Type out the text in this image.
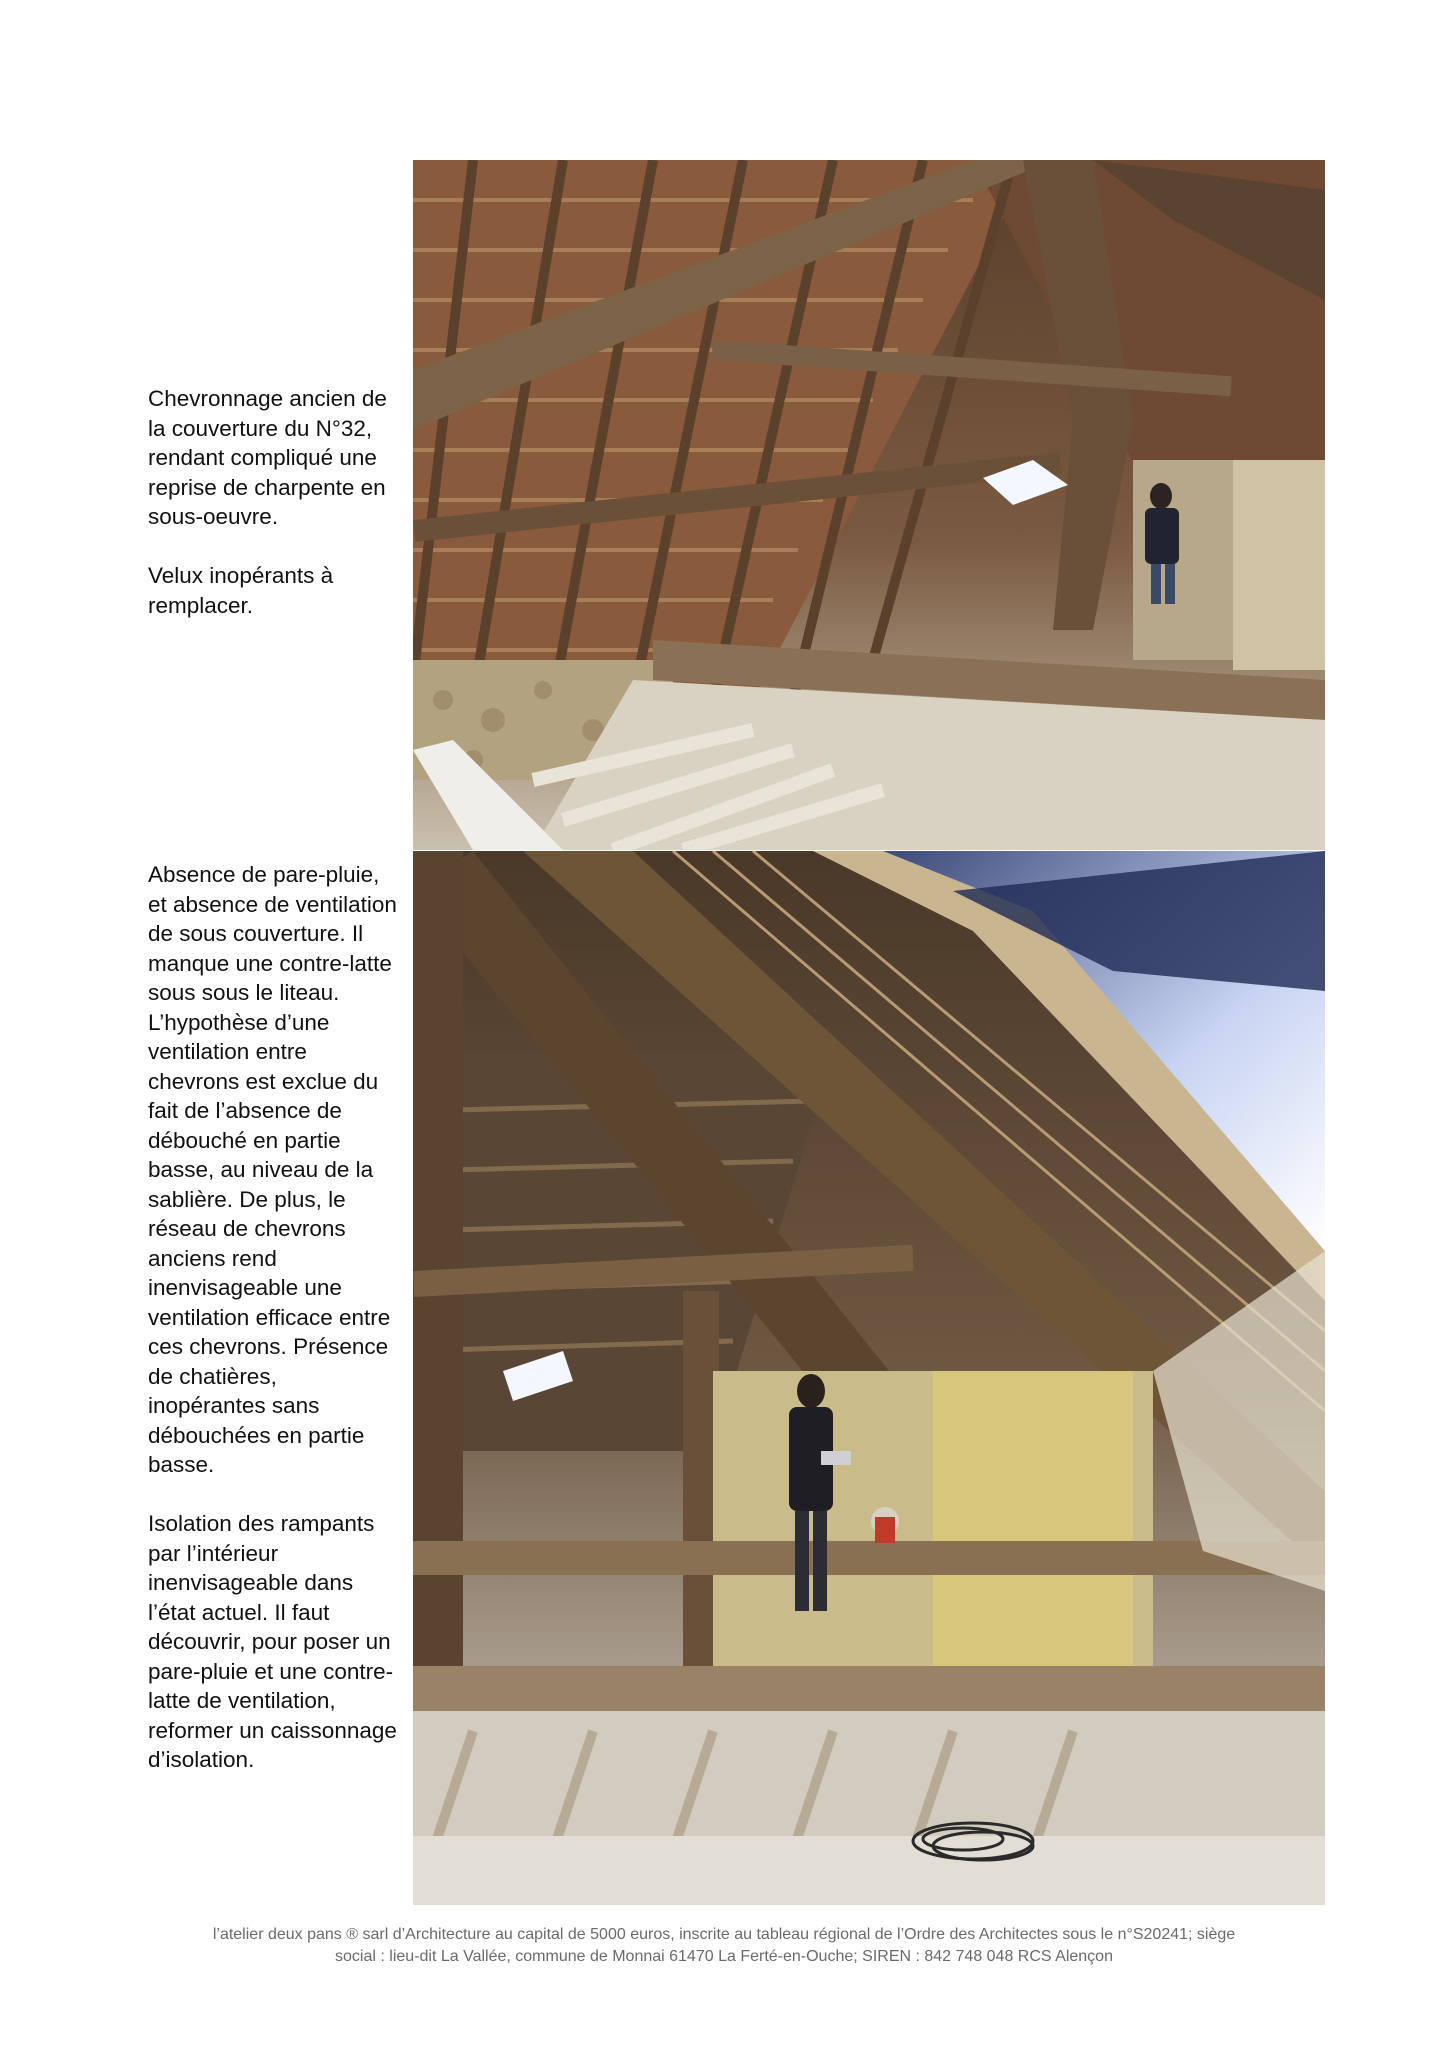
Chevronnage ancien de la couverture du N°32, rendant compliqué une reprise de charpente en sous-oeuvre.

Velux inopérants à remplacer.

Absence de pare-pluie, et absence de ventilation de sous couverture. Il manque une contre-latte sous sous le liteau. L’hypothèse d’une ventilation entre chevrons est exclue du fait de l’absence de débouché en partie basse, au niveau de la sablière. De plus, le réseau de chevrons anciens rend inenvisageable une ventilation efficace entre ces chevrons. Présence de chatières, inopérantes sans débouchées en partie basse.

Isolation des rampants par l’intérieur inenvisageable dans l’état actuel. Il faut découvrir, pour poser un pare-pluie et une contre-latte de ventilation, reformer un caissonnage d’isolation.

l’atelier deux pans ® sarl d’Architecture au capital de 5000 euros, inscrite au tableau régional de l’Ordre des Architectes sous le n°S20241; siège
social : lieu-dit La Vallée, commune de Monnai 61470 La Ferté-en-Ouche; SIREN : 842 748 048 RCS Alençon
